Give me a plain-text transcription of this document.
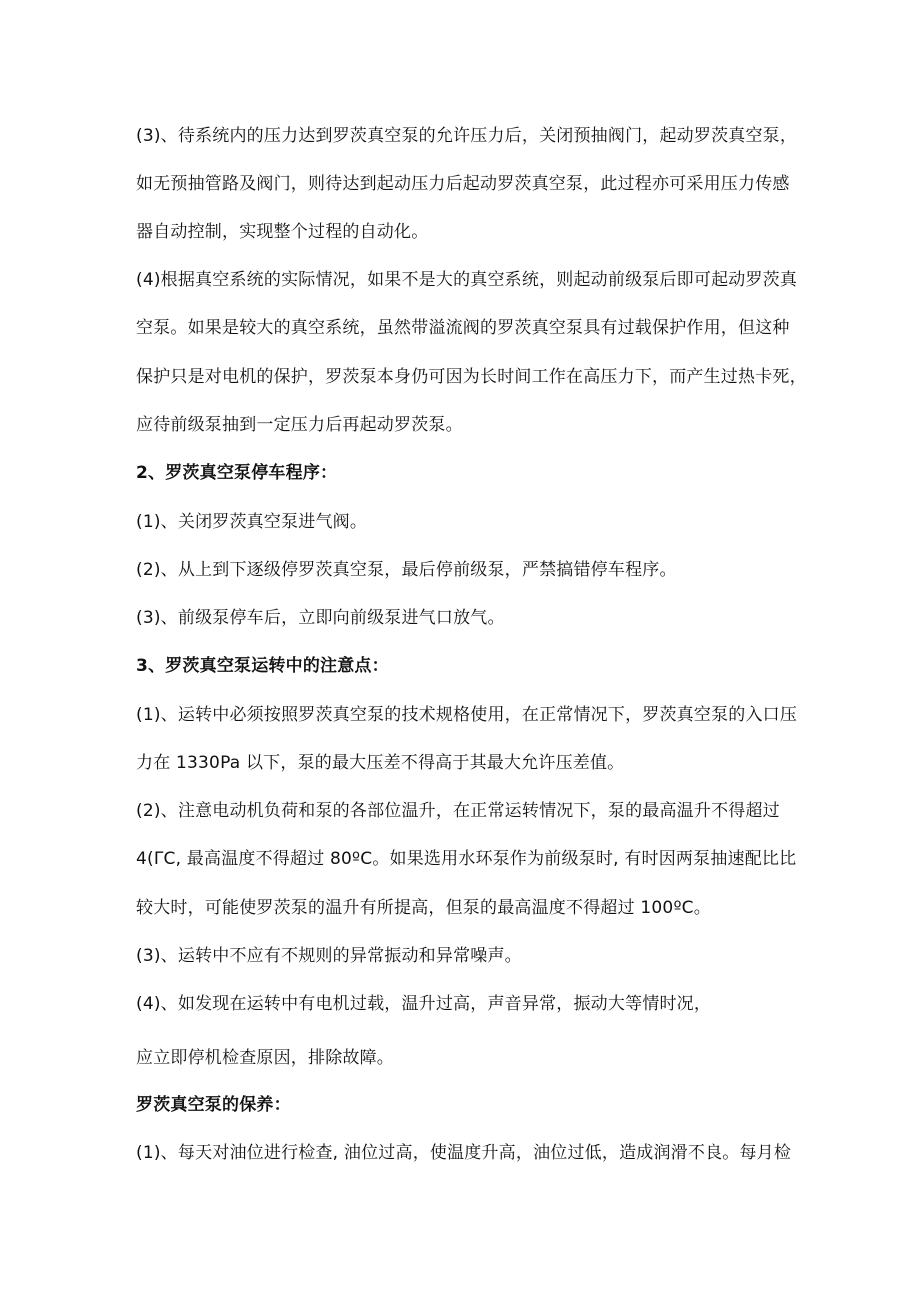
(3)、待系统内的压力达到罗茨真空泵的允许压力后，关闭预抽阀门，起动罗茨真空泵，
如无预抽管路及阀门，则待达到起动压力后起动罗茨真空泵，此过程亦可采用压力传感
器自动控制，实现整个过程的自动化。
(4)根据真空系统的实际情况，如果不是大的真空系统，则起动前级泵后即可起动罗茨真
空泵。如果是较大的真空系统，虽然带溢流阀的罗茨真空泵具有过载保护作用，但这种
保护只是对电机的保护，罗茨泵本身仍可因为长时间工作在高压力下，而产生过热卡死，
应待前级泵抽到一定压力后再起动罗茨泵。
2、罗茨真空泵停车程序：
(1)、关闭罗茨真空泵进气阀。
(2)、从上到下逐级停罗茨真空泵，最后停前级泵，严禁搞错停车程序。
(3)、前级泵停车后，立即向前级泵进气口放气。
3、罗茨真空泵运转中的注意点：
(1)、运转中必须按照罗茨真空泵的技术规格使用，在正常情况下，罗茨真空泵的入口压
力在 1330Pa 以下，泵的最大压差不得高于其最大允许压差值。
(2)、注意电动机负荷和泵的各部位温升，在正常运转情况下，泵的最高温升不得超过
4(ΓC, 最高温度不得超过 80ºC。如果选用水环泵作为前级泵时, 有时因两泵抽速配比比
较大时，可能使罗茨泵的温升有所提高，但泵的最高温度不得超过 100ºC。
(3)、运转中不应有不规则的异常振动和异常噪声。
(4)、如发现在运转中有电机过载，温升过高，声音异常，振动大等情时况，
应立即停机检查原因，排除故障。
罗茨真空泵的保养：
(1)、每天对油位进行检查, 油位过高，使温度升高，油位过低，造成润滑不良。每月检
